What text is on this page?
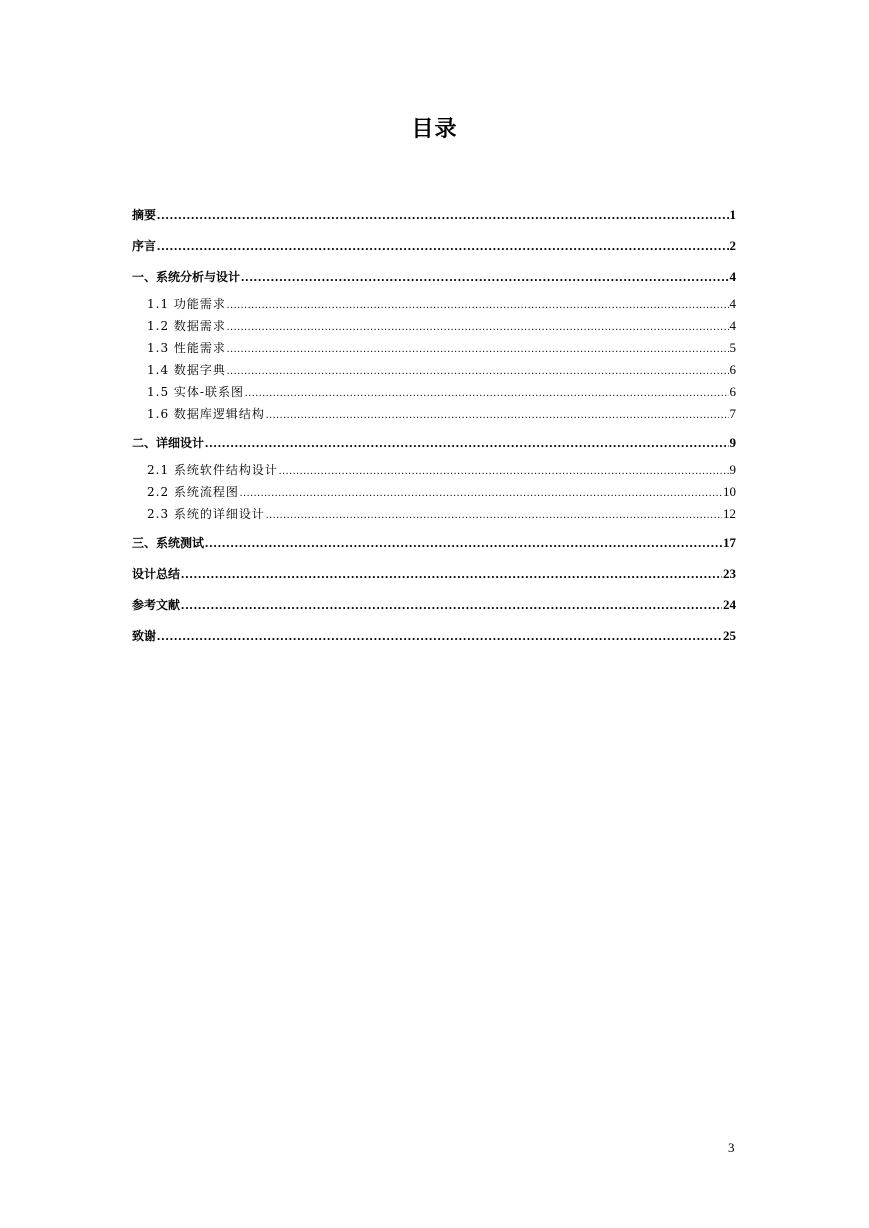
目录
摘要 .....	1
序言 .....	2
一、系统分析与设计 .....	4
1.1 功能需求 .....	4
1.2 数据需求 .....	4
1.3 性能需求 .....	5
1.4 数据字典 .....	6
1.5 实体-联系图 .....	6
1.6 数据库逻辑结构 .....	7
二、详细设计 .....	9
2.1 系统软件结构设计 .....	9
2.2 系统流程图 .....	10
2.3 系统的详细设计 .....	12
三、系统测试 .....	17
设计总结 .....	23
参考文献 .....	24
致谢 .....	25
3
